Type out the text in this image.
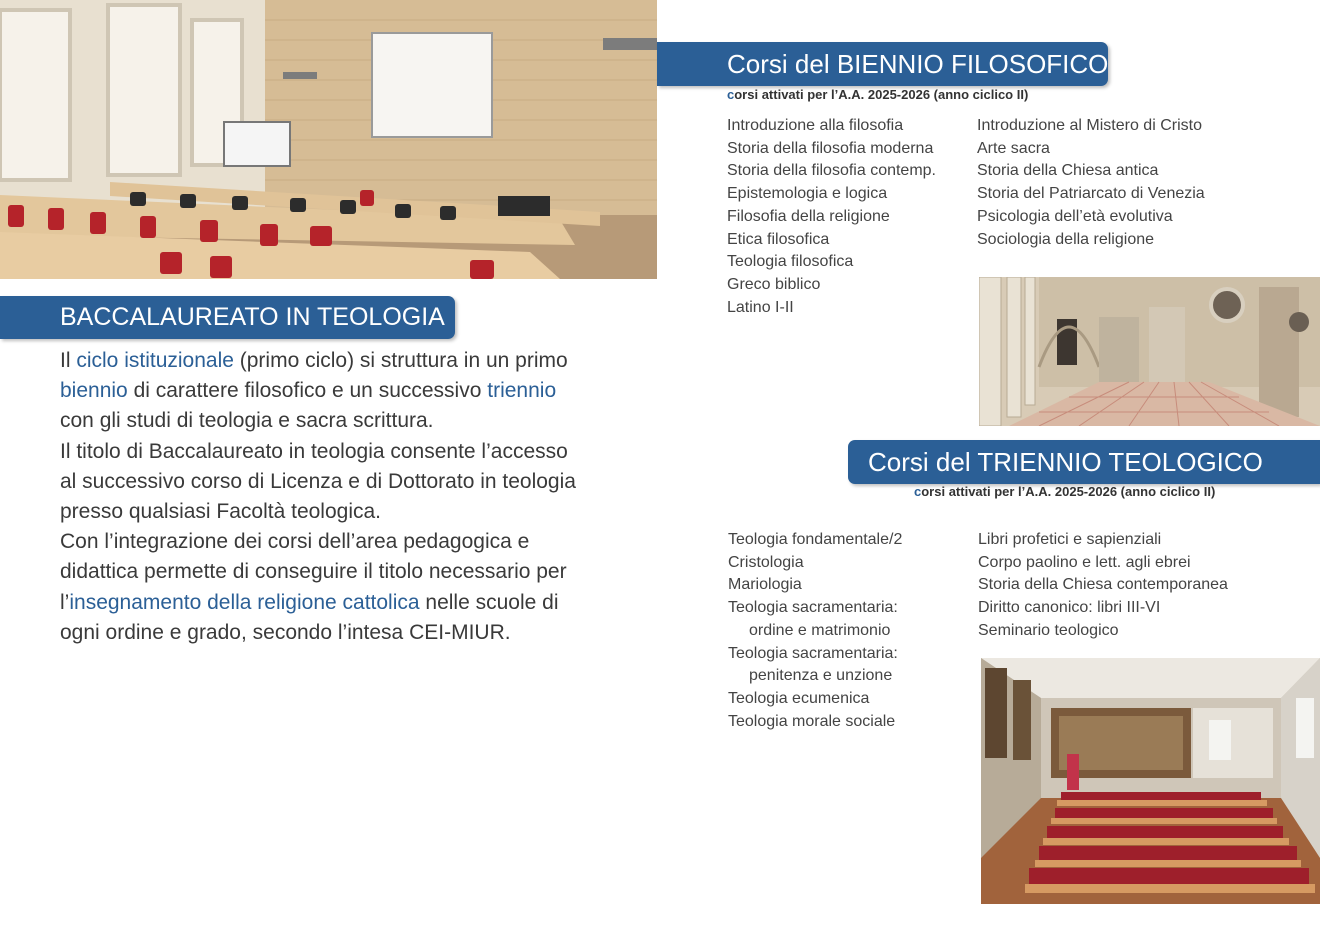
BACCALAUREATO IN TEOLOGIA

Il ciclo istituzionale (primo ciclo) si struttura in un primo biennio di carattere filosofico e un successivo triennio con gli studi di teologia e sacra scrittura.

Il titolo di Baccalaureato in teologia consente l’accesso al successivo corso di Licenza e di Dottorato in teologia presso qualsiasi Facoltà teologica.

Con l’integrazione dei corsi dell’area pedagogica e didattica permette di conseguire il titolo necessario per l’insegnamento della religione cattolica nelle scuole di ogni ordine e grado, secondo l’intesa CEI-MIUR.

Corsi del BIENNIO FILOSOFICO
corsi attivati per l’A.A. 2025-2026 (anno ciclico II)
Introduzione alla filosofia
Storia della filosofia moderna
Storia della filosofia contemp.
Epistemologia e logica
Filosofia della religione
Etica filosofica
Teologia filosofica
Greco biblico
Latino I-II
Introduzione al Mistero di Cristo
Arte sacra
Storia della Chiesa antica
Storia del Patriarcato di Venezia
Psicologia dell’età evolutiva
Sociologia della religione
Corsi del TRIENNIO TEOLOGICO
corsi attivati per l’A.A. 2025-2026 (anno ciclico II)
Teologia fondamentale/2
Cristologia
Mariologia
Teologia sacramentaria:
ordine e matrimonio
Teologia sacramentaria:
penitenza e unzione
Teologia ecumenica
Teologia morale sociale
Libri profetici e sapienziali
Corpo paolino e lett. agli ebrei
Storia della Chiesa contemporanea
Diritto canonico: libri III-VI
Seminario teologico
